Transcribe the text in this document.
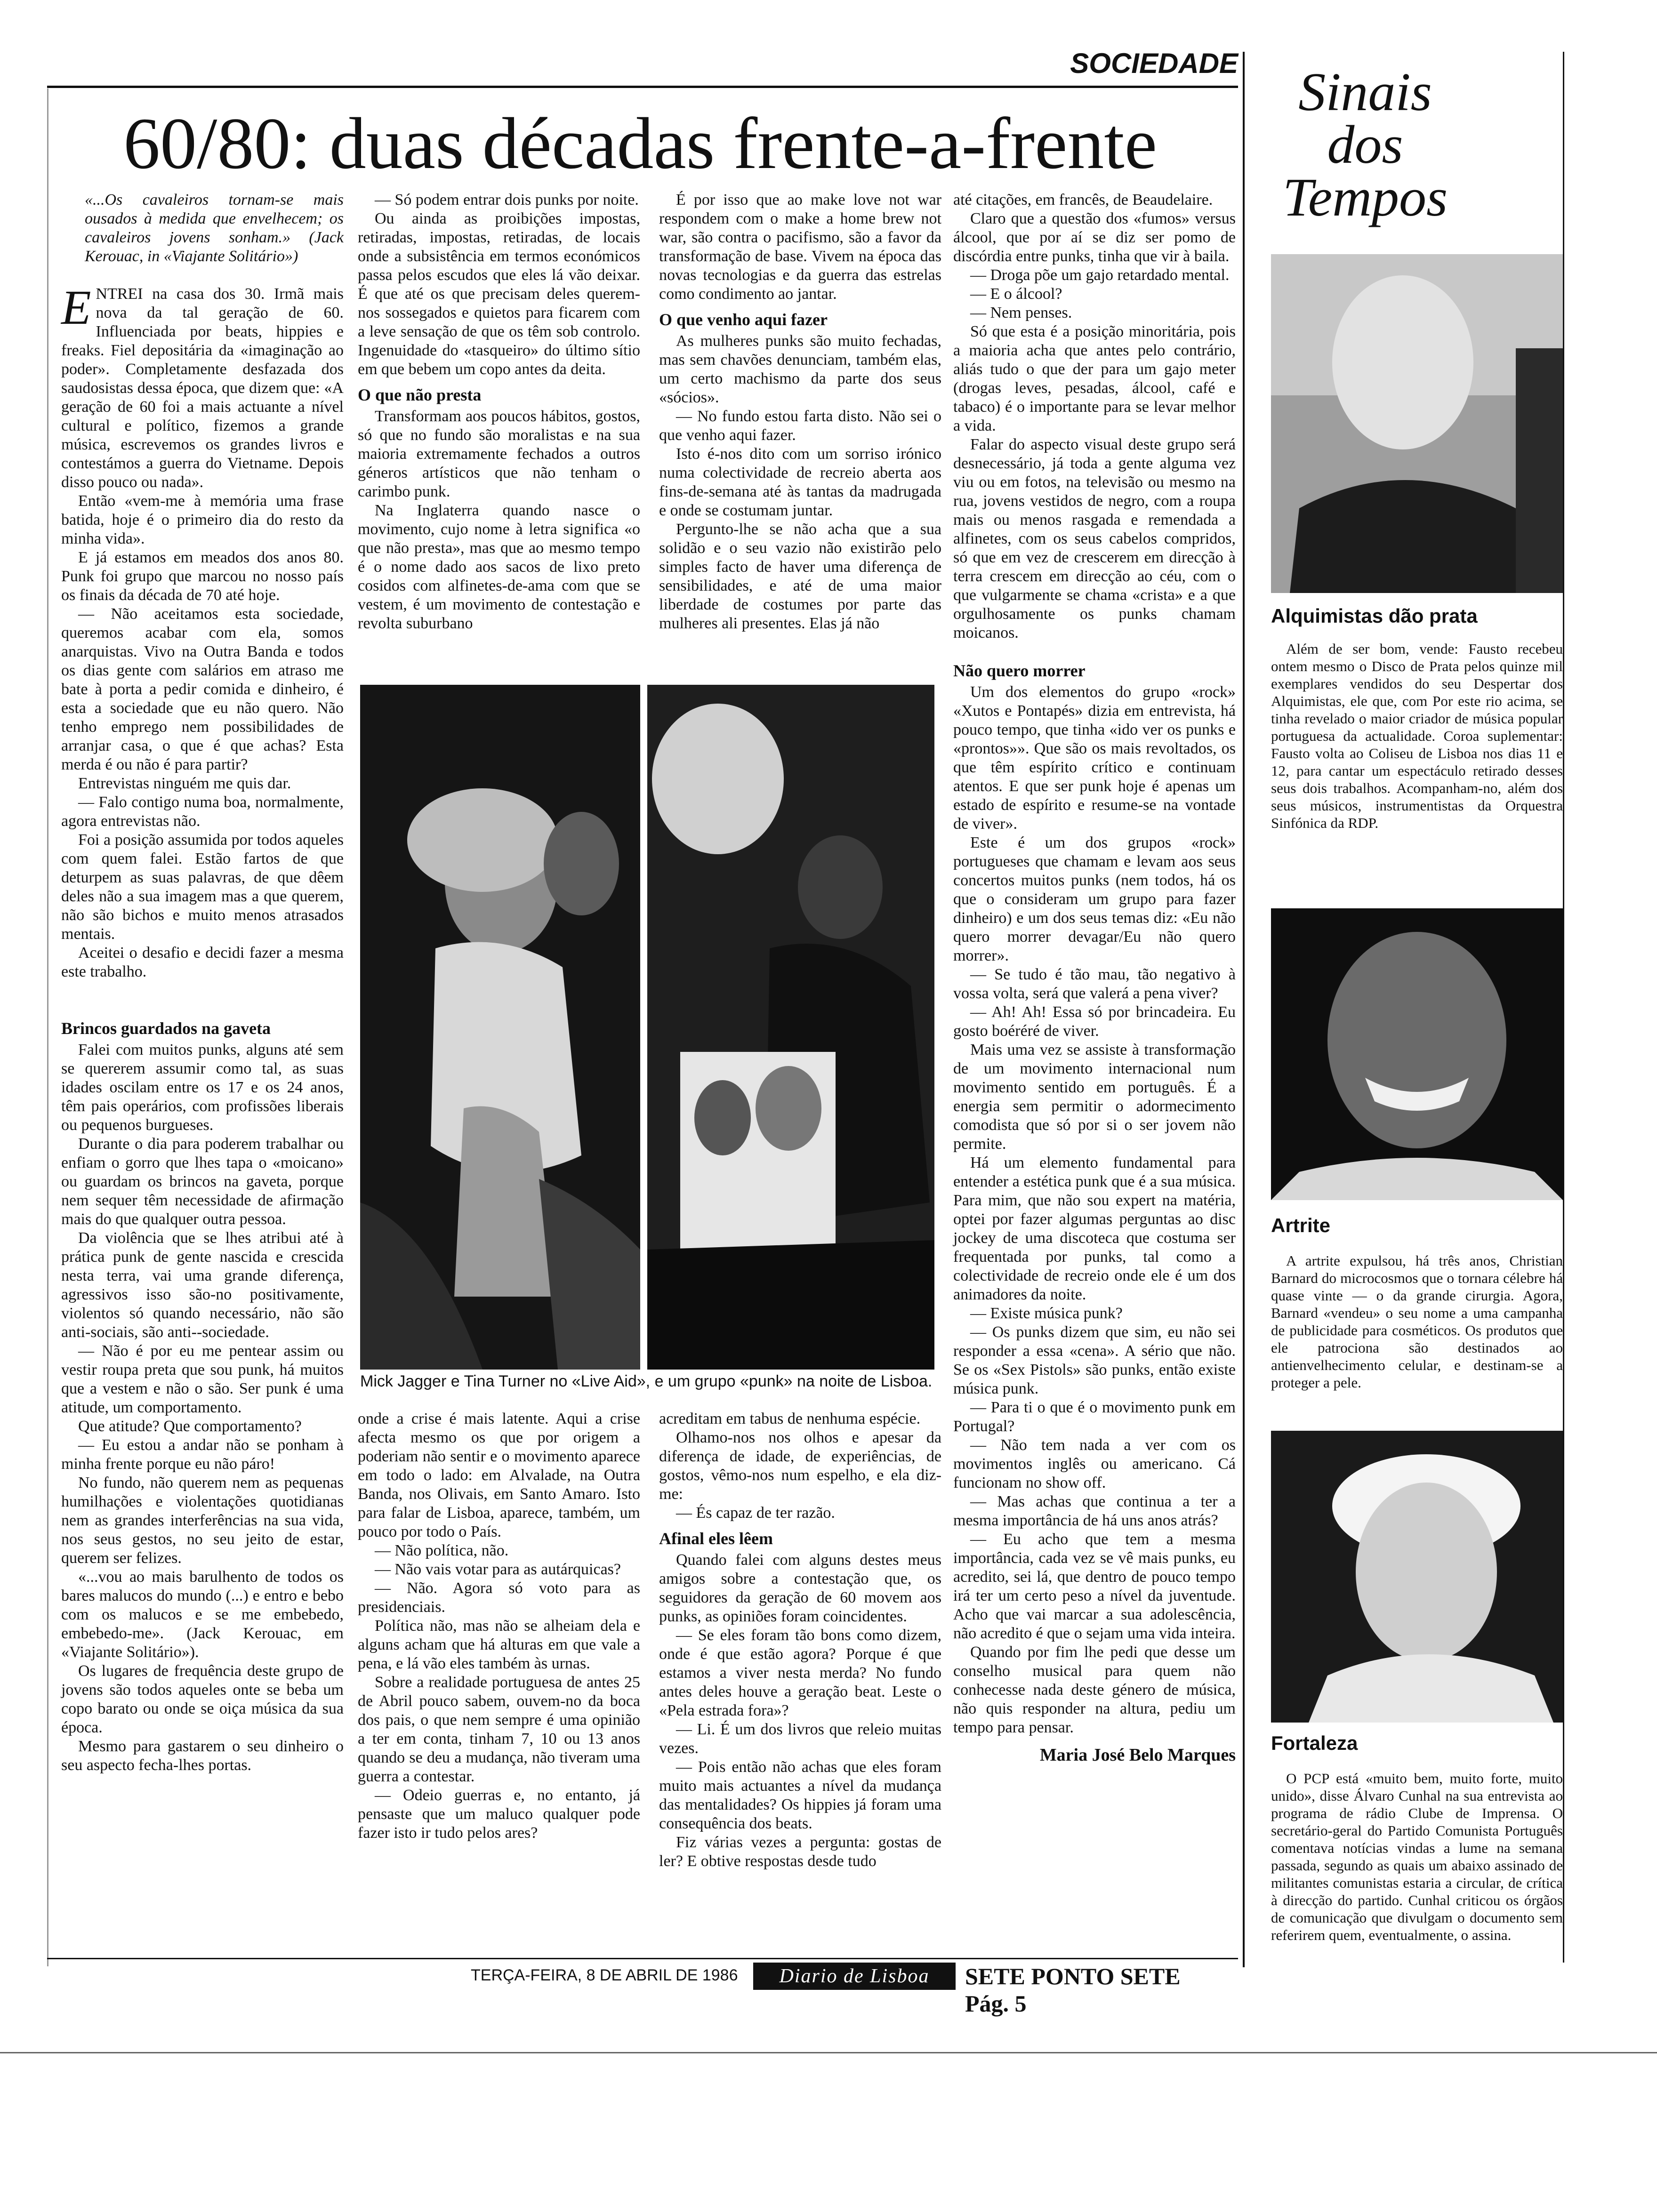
SOCIEDADE
60/80: duas décadas frente-a-frente

«...Os cavaleiros tornam-se mais ousados à medida que envelhecem; os cavaleiros jovens sonham.» (Jack Kerouac, in «Viajante Solitário»)

ENTREI na casa dos 30. Irmã mais nova da tal geração de 60. Influenciada por beats, hippies e freaks. Fiel depositária da «imaginação ao poder». Completamente desfazada dos saudosistas dessa época, que dizem que: «A geração de 60 foi a mais actuante a nível cultural e político, fizemos a grande música, escrevemos os grandes livros e contestámos a guerra do Vietname. Depois disso pouco ou nada».

Então «vem-me à memória uma frase batida, hoje é o primeiro dia do resto da minha vida».

E já estamos em meados dos anos 80. Punk foi grupo que marcou no nosso país os finais da década de 70 até hoje.

— Não aceitamos esta sociedade, queremos acabar com ela, somos anarquistas. Vivo na Outra Banda e todos os dias gente com salários em atraso me bate à porta a pedir comida e dinheiro, é esta a sociedade que eu não quero. Não tenho emprego nem possibilidades de arranjar casa, o que é que achas? Esta merda é ou não é para partir?

Entrevistas ninguém me quis dar.

— Falo contigo numa boa, normalmente, agora entrevistas não.

Foi a posição assumida por todos aqueles com quem falei. Estão fartos de que deturpem as suas palavras, de que dêem deles não a sua imagem mas a que querem, não são bichos e muito menos atrasados mentais.

Aceitei o desafio e decidi fazer a mesma este trabalho.

Brincos guardados na gaveta

Falei com muitos punks, alguns até sem se quererem assumir como tal, as suas idades oscilam entre os 17 e os 24 anos, têm pais operários, com profissões liberais ou pequenos burgueses.

Durante o dia para poderem trabalhar ou enfiam o gorro que lhes tapa o «moicano» ou guardam os brincos na gaveta, porque nem sequer têm necessidade de afirmação mais do que qualquer outra pessoa.

Da violência que se lhes atribui até à prática punk de gente nascida e crescida nesta terra, vai uma grande diferença, agressivos isso são-no positivamente, violentos só quando necessário, não são anti-sociais, são anti--sociedade.

— Não é por eu me pentear assim ou vestir roupa preta que sou punk, há muitos que a vestem e não o são. Ser punk é uma atitude, um comportamento.

Que atitude? Que comportamento?

— Eu estou a andar não se ponham à minha frente porque eu não páro!

No fundo, não querem nem as pequenas humilhações e violentações quotidianas nem as grandes interferências na sua vida, nos seus gestos, no seu jeito de estar, querem ser felizes.

«...vou ao mais barulhento de todos os bares malucos do mundo (...) e entro e bebo com os malucos e se me embebedo, embebedo-me». (Jack Kerouac, em «Viajante Solitário»).

Os lugares de frequência deste grupo de jovens são todos aqueles onte se beba um copo barato ou onde se oiça música da sua época.

Mesmo para gastarem o seu dinheiro o seu aspecto fecha-lhes portas.

— Só podem entrar dois punks por noite.

Ou ainda as proibições impostas, retiradas, impostas, retiradas, de locais onde a subsistência em termos económicos passa pelos escudos que eles lá vão deixar. É que até os que precisam deles querem-nos sossegados e quietos para ficarem com a leve sensação de que os têm sob controlo. Ingenuidade do «tasqueiro» do último sítio em que bebem um copo antes da deita.

O que não presta

Transformam aos poucos hábitos, gostos, só que no fundo são moralistas e na sua maioria extremamente fechados a outros géneros artísticos que não tenham o carimbo punk.

Na Inglaterra quando nasce o movimento, cujo nome à letra significa «o que não presta», mas que ao mesmo tempo é o nome dado aos sacos de lixo preto cosidos com alfinetes-de-ama com que se vestem, é um movimento de contestação e revolta suburbano

É por isso que ao make love not war respondem com o make a home brew not war, são contra o pacifismo, são a favor da transformação de base. Vivem na época das novas tecnologias e da guerra das estrelas como condimento ao jantar.

O que venho aqui fazer

As mulheres punks são muito fechadas, mas sem chavões denunciam, também elas, um certo machismo da parte dos seus «sócios».

— No fundo estou farta disto. Não sei o que venho aqui fazer.

Isto é-nos dito com um sorriso irónico numa colectividade de recreio aberta aos fins-de-semana até às tantas da madrugada e onde se costumam juntar.

Pergunto-lhe se não acha que a sua solidão e o seu vazio não existirão pelo simples facto de haver uma diferença de sensibilidades, e até de uma maior liberdade de costumes por parte das mulheres ali presentes. Elas já não

Mick Jagger e Tina Turner no «Live Aid», e um grupo «punk» na noite de Lisboa.

onde a crise é mais latente. Aqui a crise afecta mesmo os que por origem a poderiam não sentir e o movimento aparece em todo o lado: em Alvalade, na Outra Banda, nos Olivais, em Santo Amaro. Isto para falar de Lisboa, aparece, também, um pouco por todo o País.

— Não política, não.

— Não vais votar para as autárquicas?

— Não. Agora só voto para as presidenciais.

Política não, mas não se alheiam dela e alguns acham que há alturas em que vale a pena, e lá vão eles também às urnas.

Sobre a realidade portuguesa de antes 25 de Abril pouco sabem, ouvem-no da boca dos pais, o que nem sempre é uma opinião a ter em conta, tinham 7, 10 ou 13 anos quando se deu a mudança, não tiveram uma guerra a contestar.

— Odeio guerras e, no entanto, já pensaste que um maluco qualquer pode fazer isto ir tudo pelos ares?

acreditam em tabus de nenhuma espécie.

Olhamo-nos nos olhos e apesar da diferença de idade, de experiências, de gostos, vêmo-nos num espelho, e ela diz-me:

— És capaz de ter razão.

Afinal eles lêem

Quando falei com alguns destes meus amigos sobre a contestação que, os seguidores da geração de 60 movem aos punks, as opiniões foram coincidentes.

— Se eles foram tão bons como dizem, onde é que estão agora? Porque é que estamos a viver nesta merda? No fundo antes deles houve a geração beat. Leste o «Pela estrada fora»?

— Li. É um dos livros que releio muitas vezes.

— Pois então não achas que eles foram muito mais actuantes a nível da mudança das mentalidades? Os hippies já foram uma consequência dos beats.

Fiz várias vezes a pergunta: gostas de ler? E obtive respostas desde tudo

até citações, em francês, de Beaudelaire.

Claro que a questão dos «fumos» versus álcool, que por aí se diz ser pomo de discórdia entre punks, tinha que vir à baila.

— Droga põe um gajo retardado mental.

— E o álcool?

— Nem penses.

Só que esta é a posição minoritária, pois a maioria acha que antes pelo contrário, aliás tudo o que der para um gajo meter (drogas leves, pesadas, álcool, café e tabaco) é o importante para se levar melhor a vida.

Falar do aspecto visual deste grupo será desnecessário, já toda a gente alguma vez viu ou em fotos, na televisão ou mesmo na rua, jovens vestidos de negro, com a roupa mais ou menos rasgada e remendada a alfinetes, com os seus cabelos compridos, só que em vez de crescerem em direcção à terra crescem em direcção ao céu, com o que vulgarmente se chama «crista» e a que orgulhosamente os punks chamam moicanos.

Não quero morrer

Um dos elementos do grupo «rock» «Xutos e Pontapés» dizia em entrevista, há pouco tempo, que tinha «ido ver os punks e «prontos»». Que são os mais revoltados, os que têm espírito crítico e continuam atentos. E que ser punk hoje é apenas um estado de espírito e resume-se na vontade de viver».

Este é um dos grupos «rock» portugueses que chamam e levam aos seus concertos muitos punks (nem todos, há os que o consideram um grupo para fazer dinheiro) e um dos seus temas diz: «Eu não quero morrer devagar/Eu não quero morrer».

— Se tudo é tão mau, tão negativo à vossa volta, será que valerá a pena viver?

— Ah! Ah! Essa só por brincadeira. Eu gosto boéréré de viver.

Mais uma vez se assiste à transformação de um movimento internacional num movimento sentido em português. É a energia sem permitir o adormecimento comodista que só por si o ser jovem não permite.

Há um elemento fundamental para entender a estética punk que é a sua música. Para mim, que não sou expert na matéria, optei por fazer algumas perguntas ao disc jockey de uma discoteca que costuma ser frequentada por punks, tal como a colectividade de recreio onde ele é um dos animadores da noite.

— Existe música punk?

— Os punks dizem que sim, eu não sei responder a essa «cena». A sério que não. Se os «Sex Pistols» são punks, então existe música punk.

— Para ti o que é o movimento punk em Portugal?

— Não tem nada a ver com os movimentos inglês ou americano. Cá funcionam no show off.

— Mas achas que continua a ter a mesma importância de há uns anos atrás?

— Eu acho que tem a mesma importância, cada vez se vê mais punks, eu acredito, sei lá, que dentro de pouco tempo irá ter um certo peso a nível da juventude. Acho que vai marcar a sua adolescência, não acredito é que o sejam uma vida inteira.

Quando por fim lhe pedi que desse um conselho musical para quem não conhecesse nada deste género de música, não quis responder na altura, pediu um tempo para pensar.

Maria José Belo Marques
Sinais
dos
Tempos
Alquimistas dão prata

Além de ser bom, vende: Fausto recebeu ontem mesmo o Disco de Prata pelos quinze mil exemplares vendidos do seu Despertar dos Alquimistas, ele que, com Por este rio acima, se tinha revelado o maior criador de música popular portuguesa da actualidade. Coroa suplementar: Fausto volta ao Coliseu de Lisboa nos dias 11 e 12, para cantar um espectáculo retirado desses seus dois trabalhos. Acompanham-no, além dos seus músicos, instrumentistas da Orquestra Sinfónica da RDP.

Artrite

A artrite expulsou, há três anos, Christian Barnard do microcosmos que o tornara célebre há quase vinte — o da grande cirurgia. Agora, Barnard «vendeu» o seu nome a uma campanha de publicidade para cosméticos. Os produtos que ele patrociona são destinados ao antienvelhecimento celular, e destinam-se a proteger a pele.

Fortaleza

O PCP está «muito bem, muito forte, muito unido», disse Álvaro Cunhal na sua entrevista ao programa de rádio Clube de Imprensa. O secretário-geral do Partido Comunista Português comentava notícias vindas a lume na semana passada, segundo as quais um abaixo assinado de militantes comunistas estaria a circular, de crítica à direcção do partido. Cunhal criticou os órgãos de comunicação que divulgam o documento sem referirem quem, eventualmente, o assina.

TERÇA-FEIRA, 8 DE ABRIL DE 1986	Diario de Lisboa	SETE PONTO SETE Pág. 5
